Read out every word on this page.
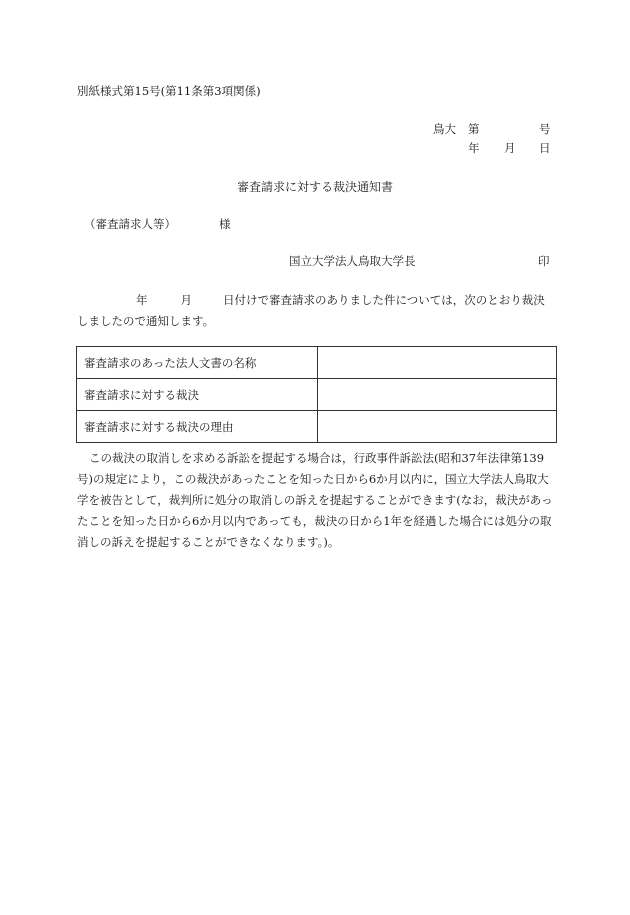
別紙様式第15号(第11条第3項関係)
鳥大 第	号
年 月 日
審査請求に対する裁決通知書
（審査請求人等）	様
国立大学法人鳥取大学長	印
年	月	日付けで審査請求のありました件については，次のとおり裁決しましたので通知します。
審査請求のあった法人文書の名称	
審査請求に対する裁決	
審査請求に対する裁決の理由	
この裁決の取消しを求める訴訟を提起する場合は，行政事件訴訟法(昭和37年法律第139号)の規定により，この裁決があったことを知った日から6か月以内に，国立大学法人鳥取大学を被告として，裁判所に処分の取消しの訴えを提起することができます(なお，裁決があったことを知った日から6か月以内であっても，裁決の日から1年を経過した場合には処分の取消しの訴えを提起することができなくなります。)。
